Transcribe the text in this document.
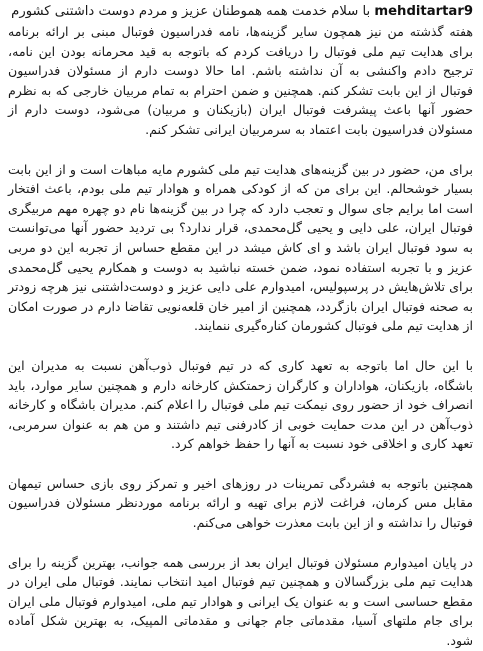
mehditartar9 با سلام خدمت همه هموطنان عزیز و مردم دوست داشتنی کشورم

هفته گذشته من نیز همچون سایر گزینه‌ها، نامه فدراسیون فوتبال مبنی بر ارائه برنامه برای هدایت تیم ملی فوتبال را دریافت کردم که باتوجه به قید محرمانه بودن این نامه، ترجیح دادم واکنشی به آن نداشته باشم. اما حالا دوست دارم از مسئولان فدراسیون فوتبال از این بابت تشکر کنم. همچنین و ضمن احترام به تمام مربیان خارجی که به نظرم حضور آنها باعث پیشرفت فوتبال ایران (بازیکنان و مربیان) می‌شود، دوست دارم از مسئولان فدراسیون بابت اعتماد به سرمربیان ایرانی تشکر کنم.

برای من، حضور در بین گزینه‌های هدایت تیم ملی کشورم مایه مباهات است و از این بابت بسیار خوشحالم. این برای من که از کودکی همراه و هوادار تیم ملی بودم، باعث افتخار است اما برایم جای سوال و تعجب دارد که چرا در بین گزینه‌ها نام دو چهره مهم مربیگری فوتبال ایران، علی دایی و یحیی گل‌محمدی، قرار ندارد؟ بی تردید حضور آنها می‌توانست به سود فوتبال ایران باشد و ای کاش میشد در این مقطع حساس از تجربه این دو مربی عزیز و با تجربه استفاده نمود، ضمن خسته نباشید به دوست و همکارم یحیی گل‌محمدی برای تلاش‌هایش در پرسپولیس، امیدوارم علی دایی عزیز و دوست‌داشتنی نیز هرچه زودتر به صحنه فوتبال ایران بازگردد، همچنین از امیر خان قلعه‌نویی تقاضا دارم در صورت امکان از هدایت تیم ملی فوتبال کشورمان کناره‌گیری ننمایند.

با این حال اما باتوجه به تعهد کاری که در تیم فوتبال ذوب‌آهن نسبت به مدیران این باشگاه، بازیکنان، هواداران و کارگران زحمتکش کارخانه دارم و همچنین سایر موارد، باید انصراف خود از حضور روی نیمکت تیم ملی فوتبال را اعلام کنم. مدیران باشگاه و کارخانه ذوب‌آهن در این مدت حمایت خوبی از کادرفنی تیم داشتند و من هم به عنوان سرمربی، تعهد کاری و اخلاقی خود نسبت به آنها را حفظ خواهم کرد.

همچنین باتوجه به فشردگی تمرینات در روزهای اخیر و تمرکز روی بازی حساس تیمهان مقابل مس کرمان، فراغت لازم برای تهیه و ارائه برنامه موردنظر مسئولان فدراسیون فوتبال را نداشته و از این بابت معذرت خواهی می‌کنم.

در پایان امیدوارم مسئولان فوتبال ایران بعد از بررسی همه جوانب، بهترین گزینه را برای هدایت تیم ملی بزرگسالان و همچنین تیم فوتبال امید انتخاب نمایند. فوتبال ملی ایران در مقطع حساسی است و به عنوان یک ایرانی و هوادار تیم ملی، امیدوارم فوتبال ملی ایران برای جام ملتهای آسیا، مقدماتی جام جهانی و مقدماتی المپیک، به بهترین شکل آماده شود.
